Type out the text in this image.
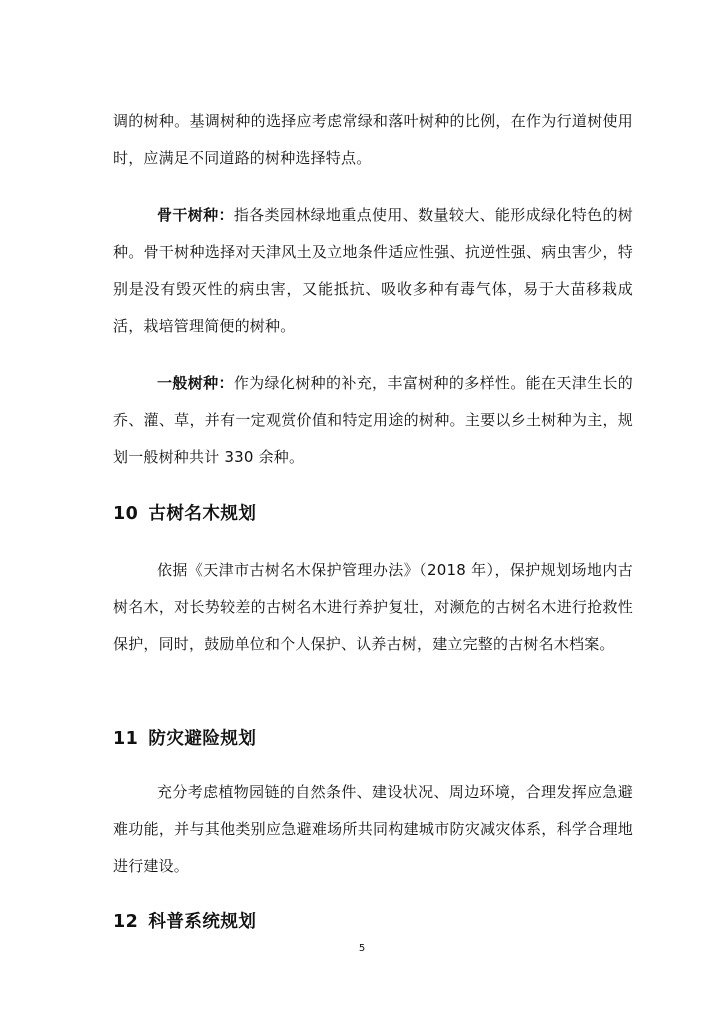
调的树种。基调树种的选择应考虑常绿和落叶树种的比例，在作为行道树使用时，应满足不同道路的树种选择特点。

骨干树种：指各类园林绿地重点使用、数量较大、能形成绿化特色的树种。骨干树种选择对天津风土及立地条件适应性强、抗逆性强、病虫害少，特别是没有毁灭性的病虫害，又能抵抗、吸收多种有毒气体，易于大苗移栽成活，栽培管理简便的树种。

一般树种：作为绿化树种的补充，丰富树种的多样性。能在天津生长的乔、灌、草，并有一定观赏价值和特定用途的树种。主要以乡土树种为主，规划一般树种共计 330 余种。

10 古树名木规划

依据《天津市古树名木保护管理办法》（2018 年），保护规划场地内古树名木，对长势较差的古树名木进行养护复壮，对濒危的古树名木进行抢救性保护，同时，鼓励单位和个人保护、认养古树，建立完整的古树名木档案。

11 防灾避险规划

充分考虑植物园链的自然条件、建设状况、周边环境，合理发挥应急避难功能，并与其他类别应急避难场所共同构建城市防灾减灾体系，科学合理地进行建设。

12 科普系统规划
5
